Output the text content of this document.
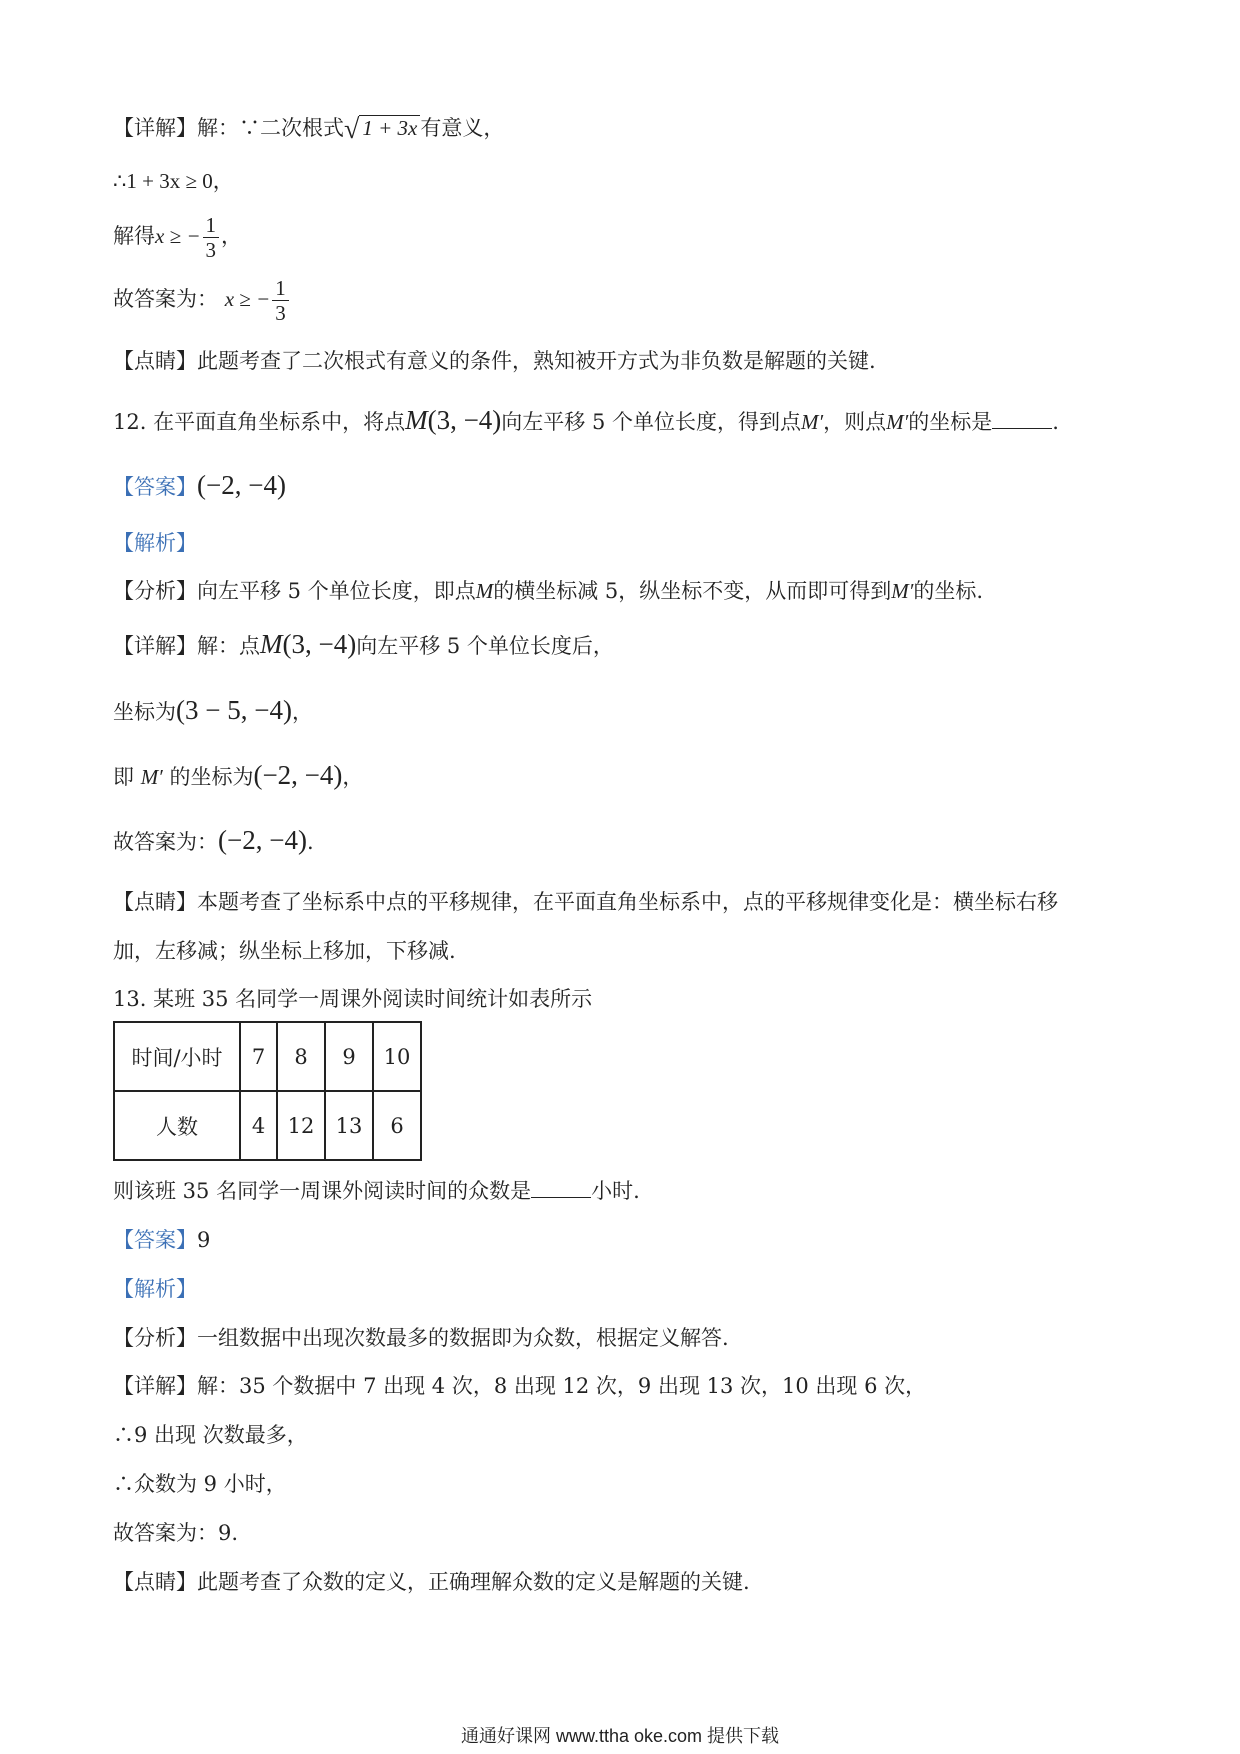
【详解】解：∵二次根式√ 1 + 3x 有意义，
∴1 + 3x ≥ 0，
解得x ≥ − $\frac{1}{3}$ ，
故答案为： x ≥ − $\frac{1}{3}$
【点睛】此题考查了二次根式有意义的条件，熟知被开方式为非负数是解题的关键.
12. 在平面直角坐标系中，将点M(3, −4)向左平移 5 个单位长度，得到点M′，则点M′的坐标是	.
【答案】(−2, −4)
【解析】
【分析】向左平移 5 个单位长度，即点M的横坐标减 5，纵坐标不变，从而即可得到M′的坐标.
【详解】解：点M(3, −4)向左平移 5 个单位长度后，
坐标为(3 − 5, −4)，
即 M′ 的坐标为(−2, −4)，
故答案为：(−2, −4).
【点睛】本题考查了坐标系中点的平移规律，在平面直角坐标系中，点的平移规律变化是：横坐标右移
加，左移减；纵坐标上移加，下移减.
13. 某班 35 名同学一周课外阅读时间统计如表所示
时间/小时	7	8	9	10
人数	4	12	13	6
则该班 35 名同学一周课外阅读时间的众数是	小时.
【答案】9
【解析】
【分析】一组数据中出现次数最多的数据即为众数，根据定义解答.
【详解】解：35 个数据中 7 出现 4 次，8 出现 12 次，9 出现 13 次，10 出现 6 次，
∴9 出现 次数最多，
∴众数为 9 小时，
故答案为：9.
【点睛】此题考查了众数的定义，正确理解众数的定义是解题的关键.
通通好课网 www.ttha oke.com 提供下载
